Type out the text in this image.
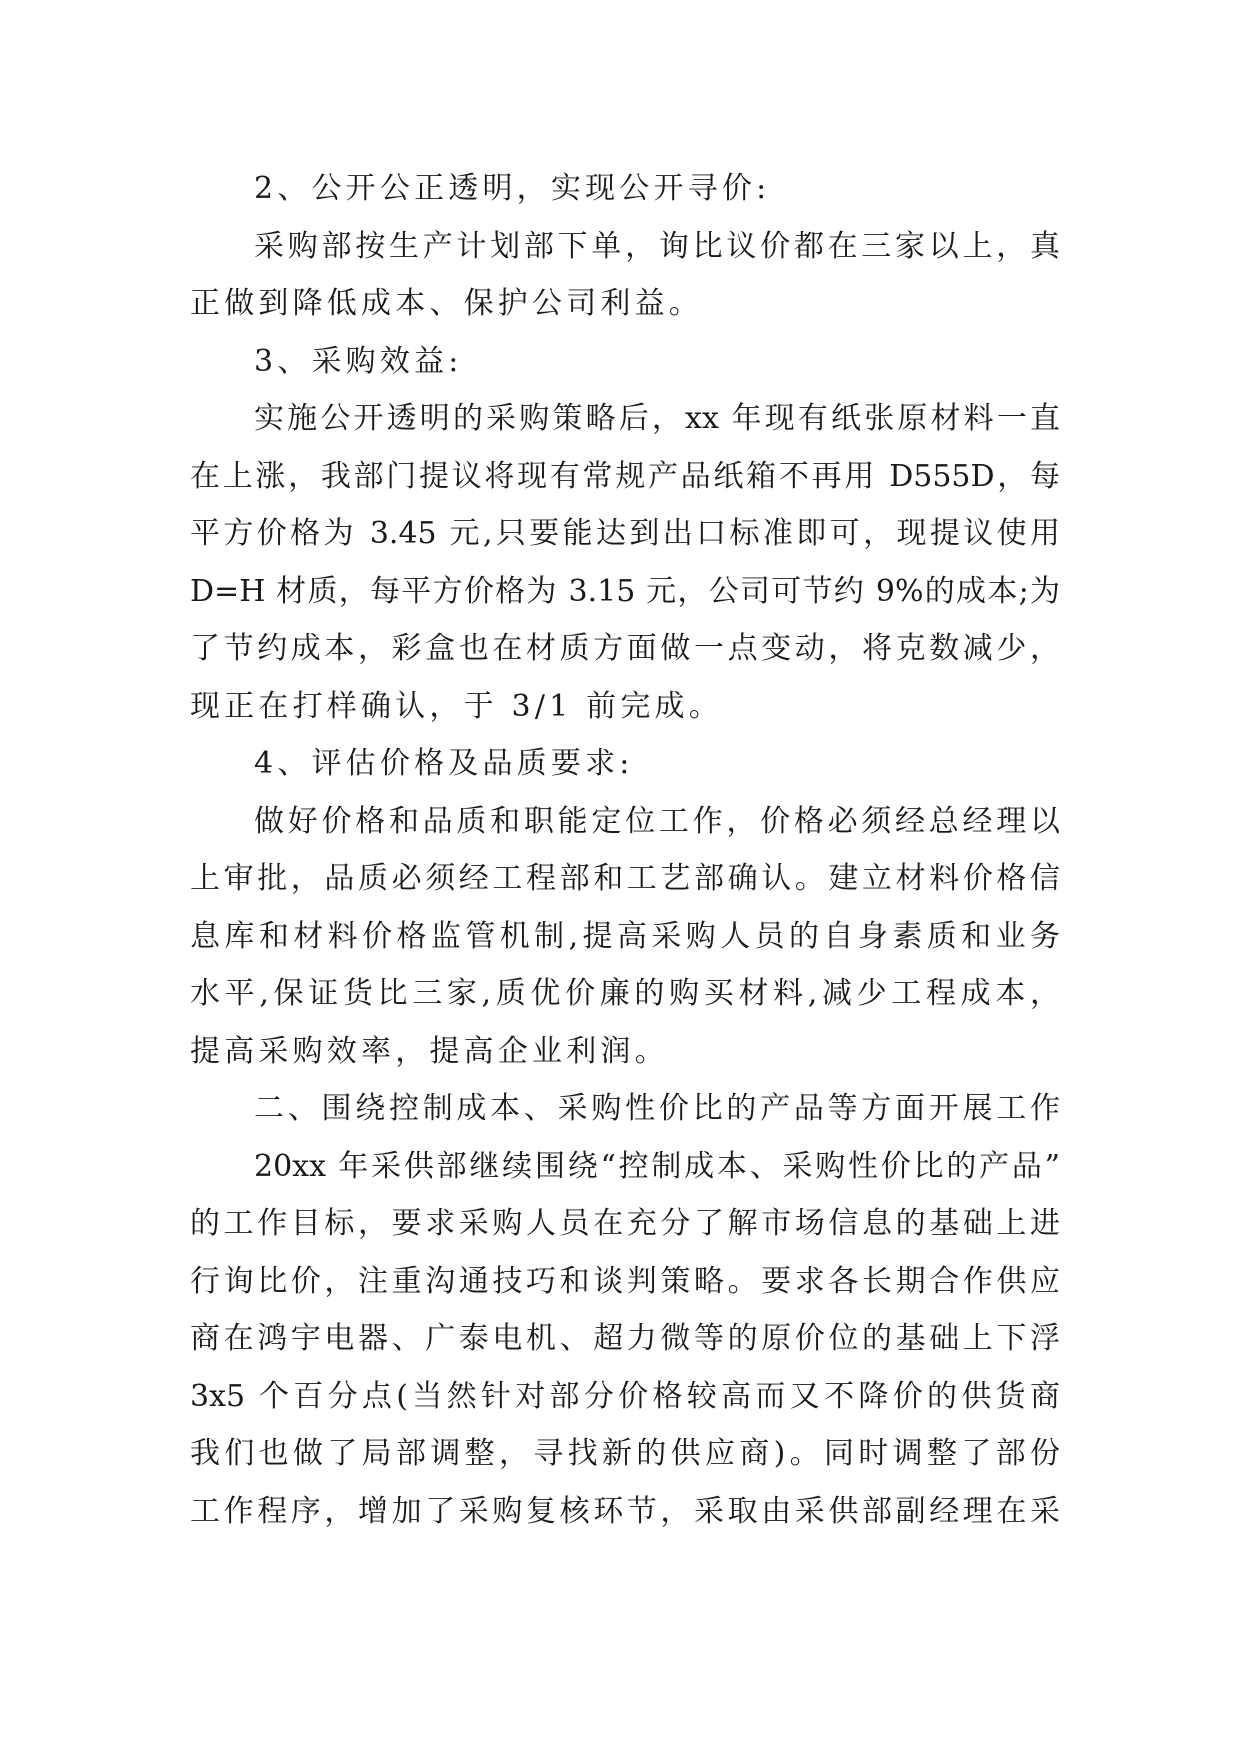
2、公开公正透明，实现公开寻价:
采购部按生产计划部下单，询比议价都在三家以上，真
正做到降低成本、保护公司利益。
3、采购效益:
实施公开透明的采购策略后，xx 年现有纸张原材料一直
在上涨，我部门提议将现有常规产品纸箱不再用 D555D，每
平方价格为 3.45 元,只要能达到出口标准即可，现提议使用
D=H 材质，每平方价格为 3.15 元，公司可节约 9%的成本;为
了节约成本，彩盒也在材质方面做一点变动，将克数减少，
现正在打样确认，于 3/1 前完成。
4、评估价格及品质要求:
做好价格和品质和职能定位工作，价格必须经总经理以
上审批，品质必须经工程部和工艺部确认。建立材料价格信
息库和材料价格监管机制,提高采购人员的自身素质和业务
水平,保证货比三家,质优价廉的购买材料,减少工程成本，
提高采购效率，提高企业利润。
二、围绕控制成本、采购性价比的产品等方面开展工作
20xx 年采供部继续围绕“控制成本、采购性价比的产品”
的工作目标，要求采购人员在充分了解市场信息的基础上进
行询比价，注重沟通技巧和谈判策略。要求各长期合作供应
商在鸿宇电器、广泰电机、超力微等的原价位的基础上下浮
3x5 个百分点(当然针对部分价格较高而又不降价的供货商
我们也做了局部调整，寻找新的供应商)。同时调整了部份
工作程序，增加了采购复核环节，采取由采供部副经理在采
